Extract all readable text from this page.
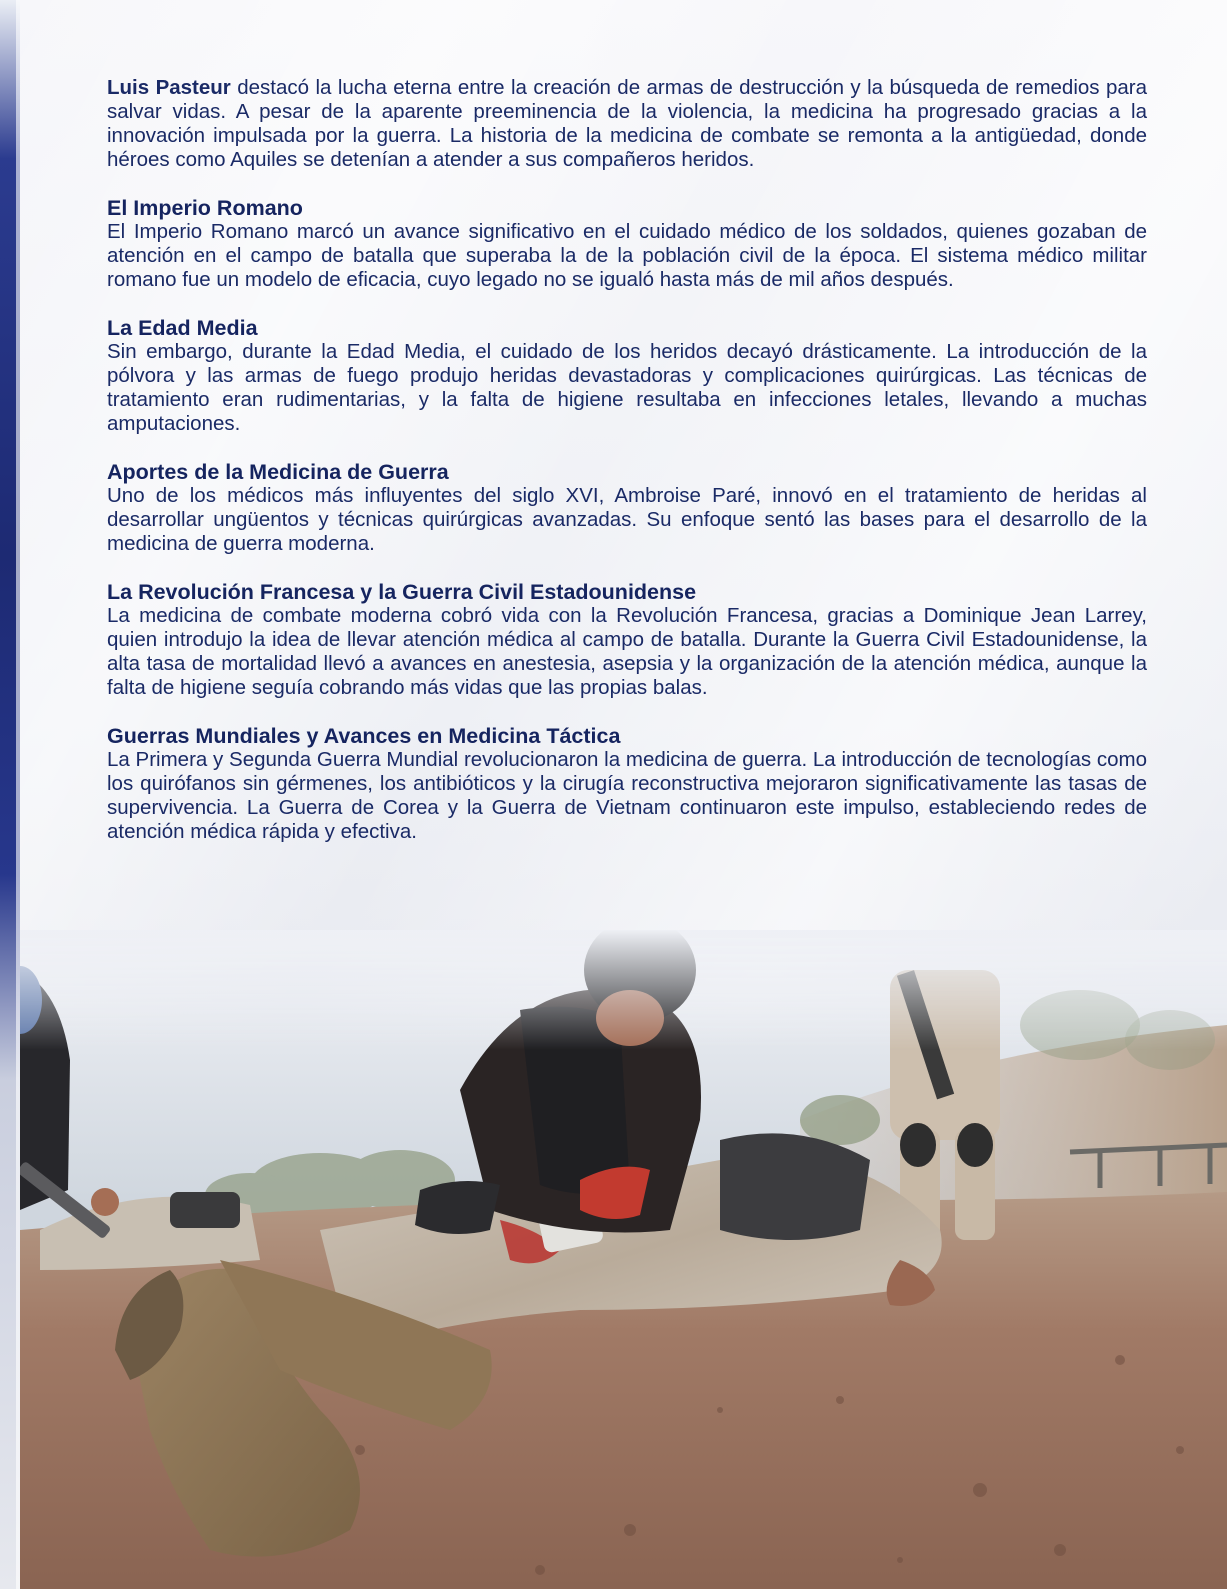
Luis Pasteur destacó la lucha eterna entre la creación de armas de destrucción y la búsqueda de remedios para salvar vidas. A pesar de la aparente preeminencia de la violencia, la medicina ha progresado gracias a la innovación impulsada por la guerra. La historia de la medicina de combate se remonta a la antigüedad, donde héroes como Aquiles se detenían a atender a sus compañeros heridos.

El Imperio Romano

El Imperio Romano marcó un avance significativo en el cuidado médico de los soldados, quienes gozaban de atención en el campo de batalla que superaba la de la población civil de la época. El sistema médico militar romano fue un modelo de eficacia, cuyo legado no se igualó hasta más de mil años después.

La Edad Media

Sin embargo, durante la Edad Media, el cuidado de los heridos decayó drásticamente. La introducción de la pólvora y las armas de fuego produjo heridas devastadoras y complicaciones quirúrgicas. Las técnicas de tratamiento eran rudimentarias, y la falta de higiene resultaba en infecciones letales, llevando a muchas amputaciones.

Aportes de la Medicina de Guerra

Uno de los médicos más influyentes del siglo XVI, Ambroise Paré, innovó en el tratamiento de heridas al desarrollar ungüentos y técnicas quirúrgicas avanzadas. Su enfoque sentó las bases para el desarrollo de la medicina de guerra moderna.

La Revolución Francesa y la Guerra Civil Estadounidense

La medicina de combate moderna cobró vida con la Revolución Francesa, gracias a Dominique Jean Larrey, quien introdujo la idea de llevar atención médica al campo de batalla. Durante la Guerra Civil Estadounidense, la alta tasa de mortalidad llevó a avances en anestesia, asepsia y la organización de la atención médica, aunque la falta de higiene seguía cobrando más vidas que las propias balas.

Guerras Mundiales y Avances en Medicina Táctica

La Primera y Segunda Guerra Mundial revolucionaron la medicina de guerra. La introducción de tecnologías como los quirófanos sin gérmenes, los antibióticos y la cirugía reconstructiva mejoraron significativamente las tasas de supervivencia. La Guerra de Corea y la Guerra de Vietnam continuaron este impulso, estableciendo redes de atención médica rápida y efectiva.
